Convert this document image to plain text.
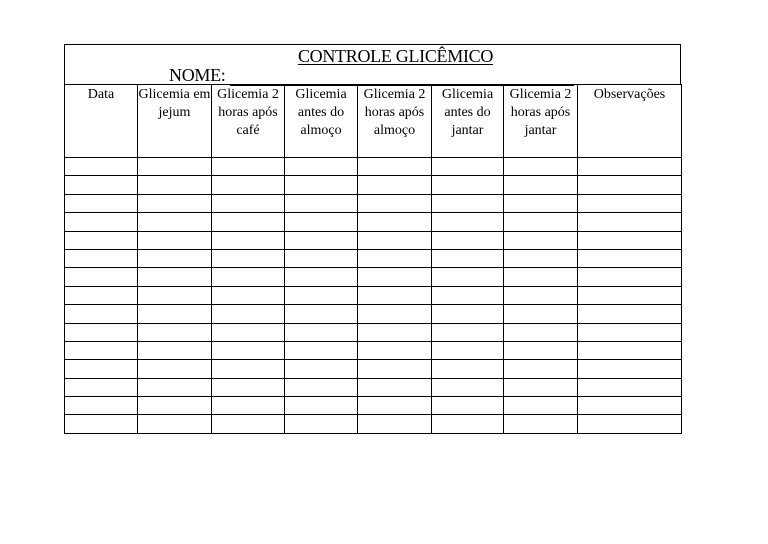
CONTROLE GLICÊMICO
NOME:
Data	Glicemia em jejum	Glicemia 2 horas após café	Glicemia antes do almoço	Glicemia 2 horas após almoço	Glicemia antes do jantar	Glicemia 2 horas após jantar	Observações
